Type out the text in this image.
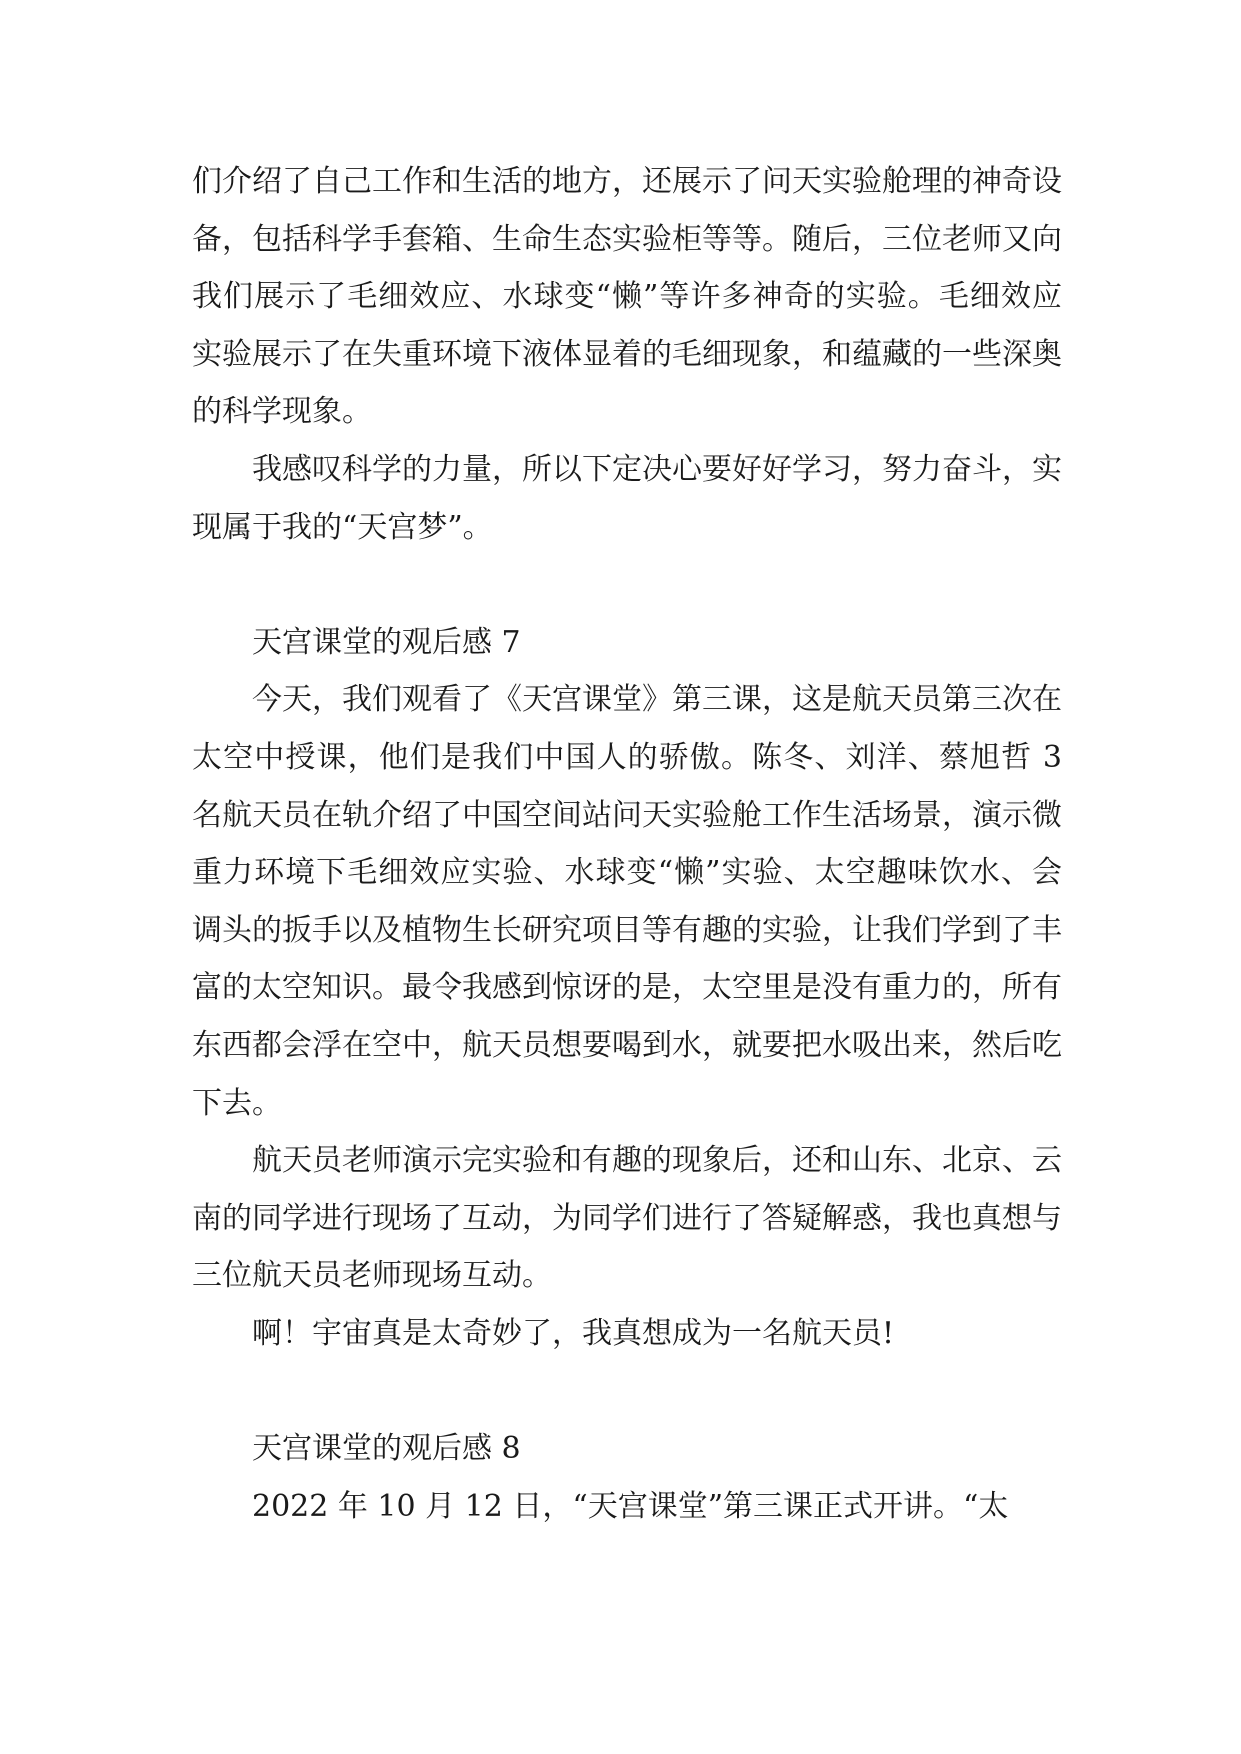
们介绍了自己工作和生活的地方，还展示了问天实验舱理的神奇设备，包括科学手套箱、生命生态实验柜等等。随后，三位老师又向我们展示了毛细效应、水球变“懒”等许多神奇的实验。毛细效应实验展示了在失重环境下液体显着的毛细现象，和蕴藏的一些深奥的科学现象。

我感叹科学的力量，所以下定决心要好好学习，努力奋斗，实现属于我的“天宫梦”。

天宫课堂的观后感 7

今天，我们观看了《天宫课堂》第三课，这是航天员第三次在太空中授课，他们是我们中国人的骄傲。陈冬、刘洋、蔡旭哲 3 名航天员在轨介绍了中国空间站问天实验舱工作生活场景，演示微重力环境下毛细效应实验、水球变“懒”实验、太空趣味饮水、会调头的扳手以及植物生长研究项目等有趣的实验，让我们学到了丰富的太空知识。最令我感到惊讶的是，太空里是没有重力的，所有东西都会浮在空中，航天员想要喝到水，就要把水吸出来，然后吃下去。

航天员老师演示完实验和有趣的现象后，还和山东、北京、云南的同学进行现场了互动，为同学们进行了答疑解惑，我也真想与三位航天员老师现场互动。

啊！宇宙真是太奇妙了，我真想成为一名航天员!

天宫课堂的观后感 8

2022 年 10 月 12 日，“天宫课堂”第三课正式开讲。“太
